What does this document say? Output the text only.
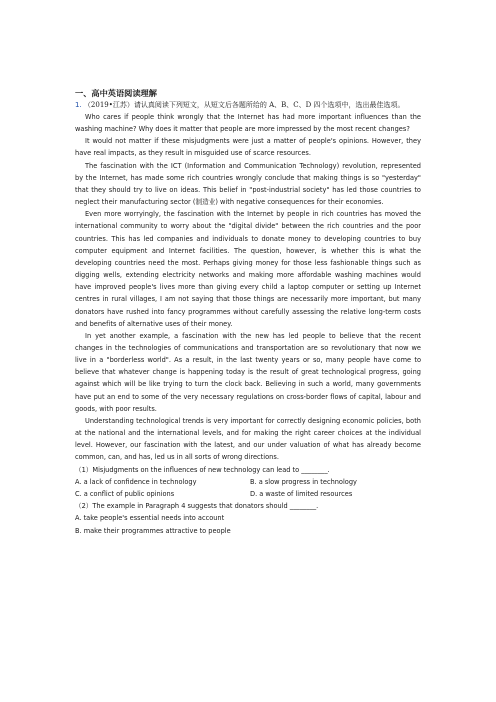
一、高中英语阅读理解
1. （2019•江苏）请认真阅读下列短文，从短文后各题所给的 A、B、C、D 四个选项中，选出最佳选项。

Who cares if people think wrongly that the Internet has had more important influences than the washing machine? Why does it matter that people are more impressed by the most recent changes?

It would not matter if these misjudgments were just a matter of people's opinions. However, they have real impacts, as they result in misguided use of scarce resources.

The fascination with the ICT (Information and Communication Technology) revolution, represented by the Internet, has made some rich countries wrongly conclude that making things is so "yesterday" that they should try to live on ideas. This belief in "post-industrial society" has led those countries to neglect their manufacturing sector (制造业) with negative consequences for their economies.

Even more worryingly, the fascination with the Internet by people in rich countries has moved the international community to worry about the "digital divide" between the rich countries and the poor countries. This has led companies and individuals to donate money to developing countries to buy computer equipment and Internet facilities. The question, however, is whether this is what the developing countries need the most. Perhaps giving money for those less fashionable things such as digging wells, extending electricity networks and making more affordable washing machines would have improved people's lives more than giving every child a laptop computer or setting up Internet centres in rural villages, I am not saying that those things are necessarily more important, but many donators have rushed into fancy programmes without carefully assessing the relative long-term costs and benefits of alternative uses of their money.

In yet another example, a fascination with the new has led people to believe that the recent changes in the technologies of communications and transportation are so revolutionary that now we live in a "borderless world". As a result, in the last twenty years or so, many people have come to believe that whatever change is happening today is the result of great technological progress, going against which will be like trying to turn the clock back. Believing in such a world, many governments have put an end to some of the very necessary regulations on cross-border flows of capital, labour and goods, with poor results.

Understanding technological trends is very important for correctly designing economic policies, both at the national and the international levels, and for making the right career choices at the individual level. However, our fascination with the latest, and our under valuation of what has already become common, can, and has, led us in all sorts of wrong directions.

（1）Misjudgments on the influences of new technology can lead to ________.

A. a lack of confidence in technology	B. a slow progress in technology
C. a conflict of public opinions	D. a waste of limited resources

（2）The example in Paragraph 4 suggests that donators should ________.

A. take people's essential needs into account

B. make their programmes attractive to people
